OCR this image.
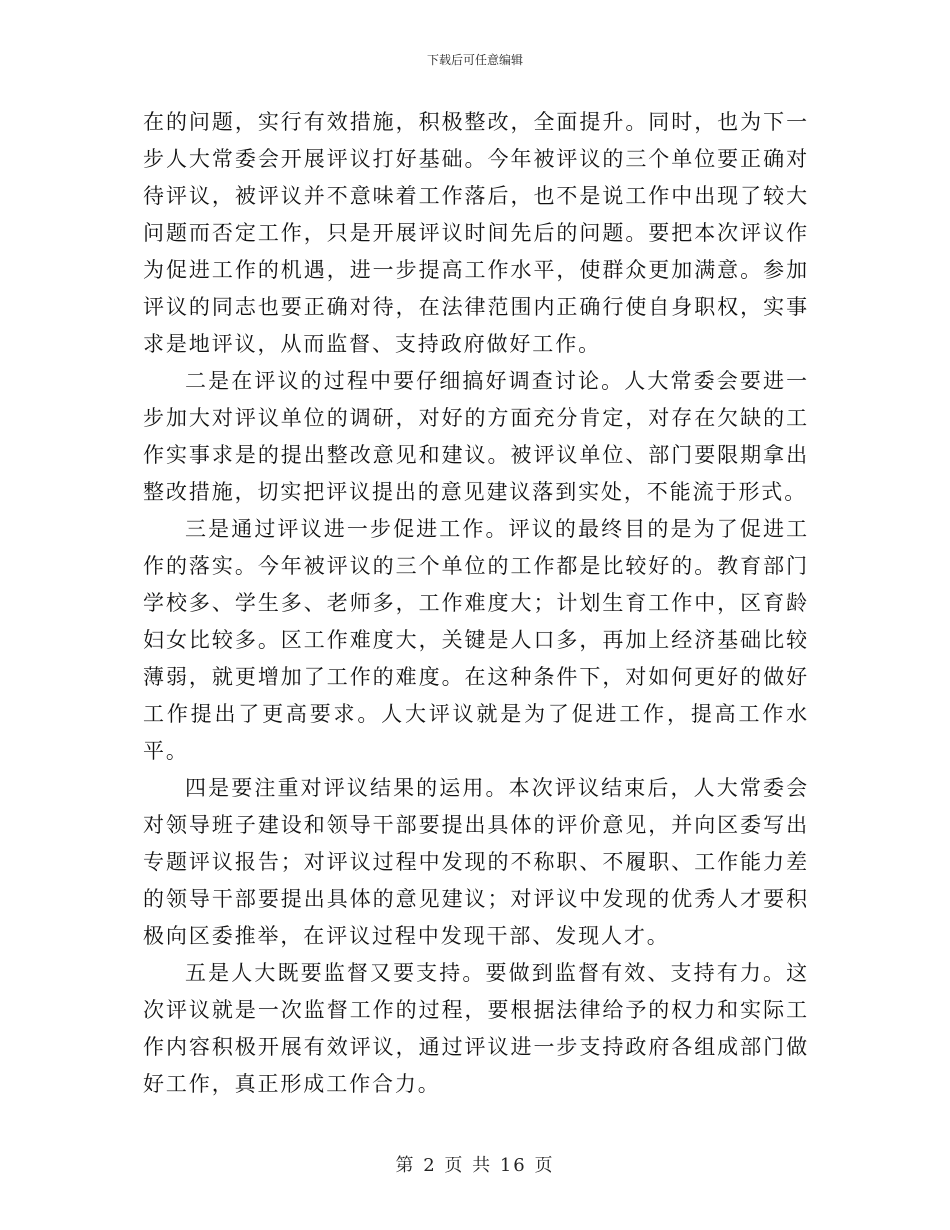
下载后可任意编辑

在的问题，实行有效措施，积极整改，全面提升。同时，也为下一步人大常委会开展评议打好基础。今年被评议的三个单位要正确对待评议，被评议并不意味着工作落后，也不是说工作中出现了较大问题而否定工作，只是开展评议时间先后的问题。要把本次评议作为促进工作的机遇，进一步提高工作水平，使群众更加满意。参加评议的同志也要正确对待，在法律范围内正确行使自身职权，实事求是地评议，从而监督、支持政府做好工作。

二是在评议的过程中要仔细搞好调查讨论。人大常委会要进一步加大对评议单位的调研，对好的方面充分肯定，对存在欠缺的工作实事求是的提出整改意见和建议。被评议单位、部门要限期拿出整改措施，切实把评议提出的意见建议落到实处，不能流于形式。

三是通过评议进一步促进工作。评议的最终目的是为了促进工作的落实。今年被评议的三个单位的工作都是比较好的。教育部门学校多、学生多、老师多，工作难度大；计划生育工作中，区育龄妇女比较多。区工作难度大，关键是人口多，再加上经济基础比较薄弱，就更增加了工作的难度。在这种条件下，对如何更好的做好工作提出了更高要求。人大评议就是为了促进工作，提高工作水平。

四是要注重对评议结果的运用。本次评议结束后，人大常委会对领导班子建设和领导干部要提出具体的评价意见，并向区委写出专题评议报告；对评议过程中发现的不称职、不履职、工作能力差的领导干部要提出具体的意见建议；对评议中发现的优秀人才要积极向区委推举，在评议过程中发现干部、发现人才。

五是人大既要监督又要支持。要做到监督有效、支持有力。这次评议就是一次监督工作的过程，要根据法律给予的权力和实际工作内容积极开展有效评议，通过评议进一步支持政府各组成部门做好工作，真正形成工作合力。

第 2 页 共 16 页
